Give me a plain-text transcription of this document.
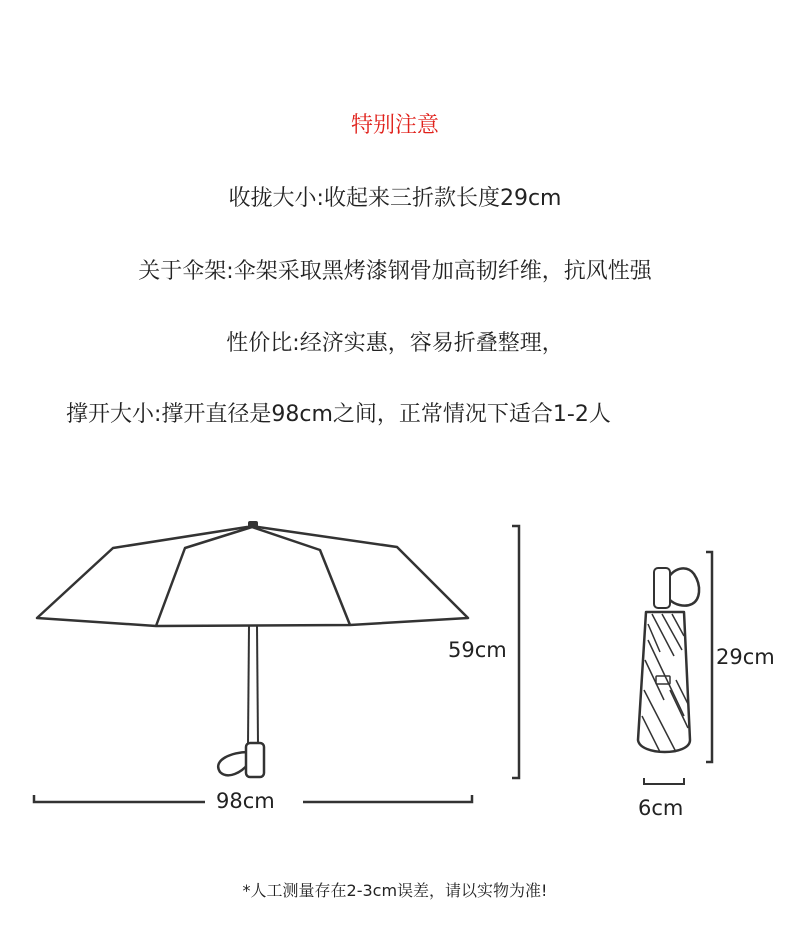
特别注意
收拢大小:收起来三折款长度29cm
关于伞架:伞架采取黑烤漆钢骨加高韧纤维，抗风性强
性价比:经济实惠，容易折叠整理，
撑开大小:撑开直径是98cm之间，正常情况下适合1-2人
59cm
98cm
29cm
6cm
*人工测量存在2-3cm误差，请以实物为准!
